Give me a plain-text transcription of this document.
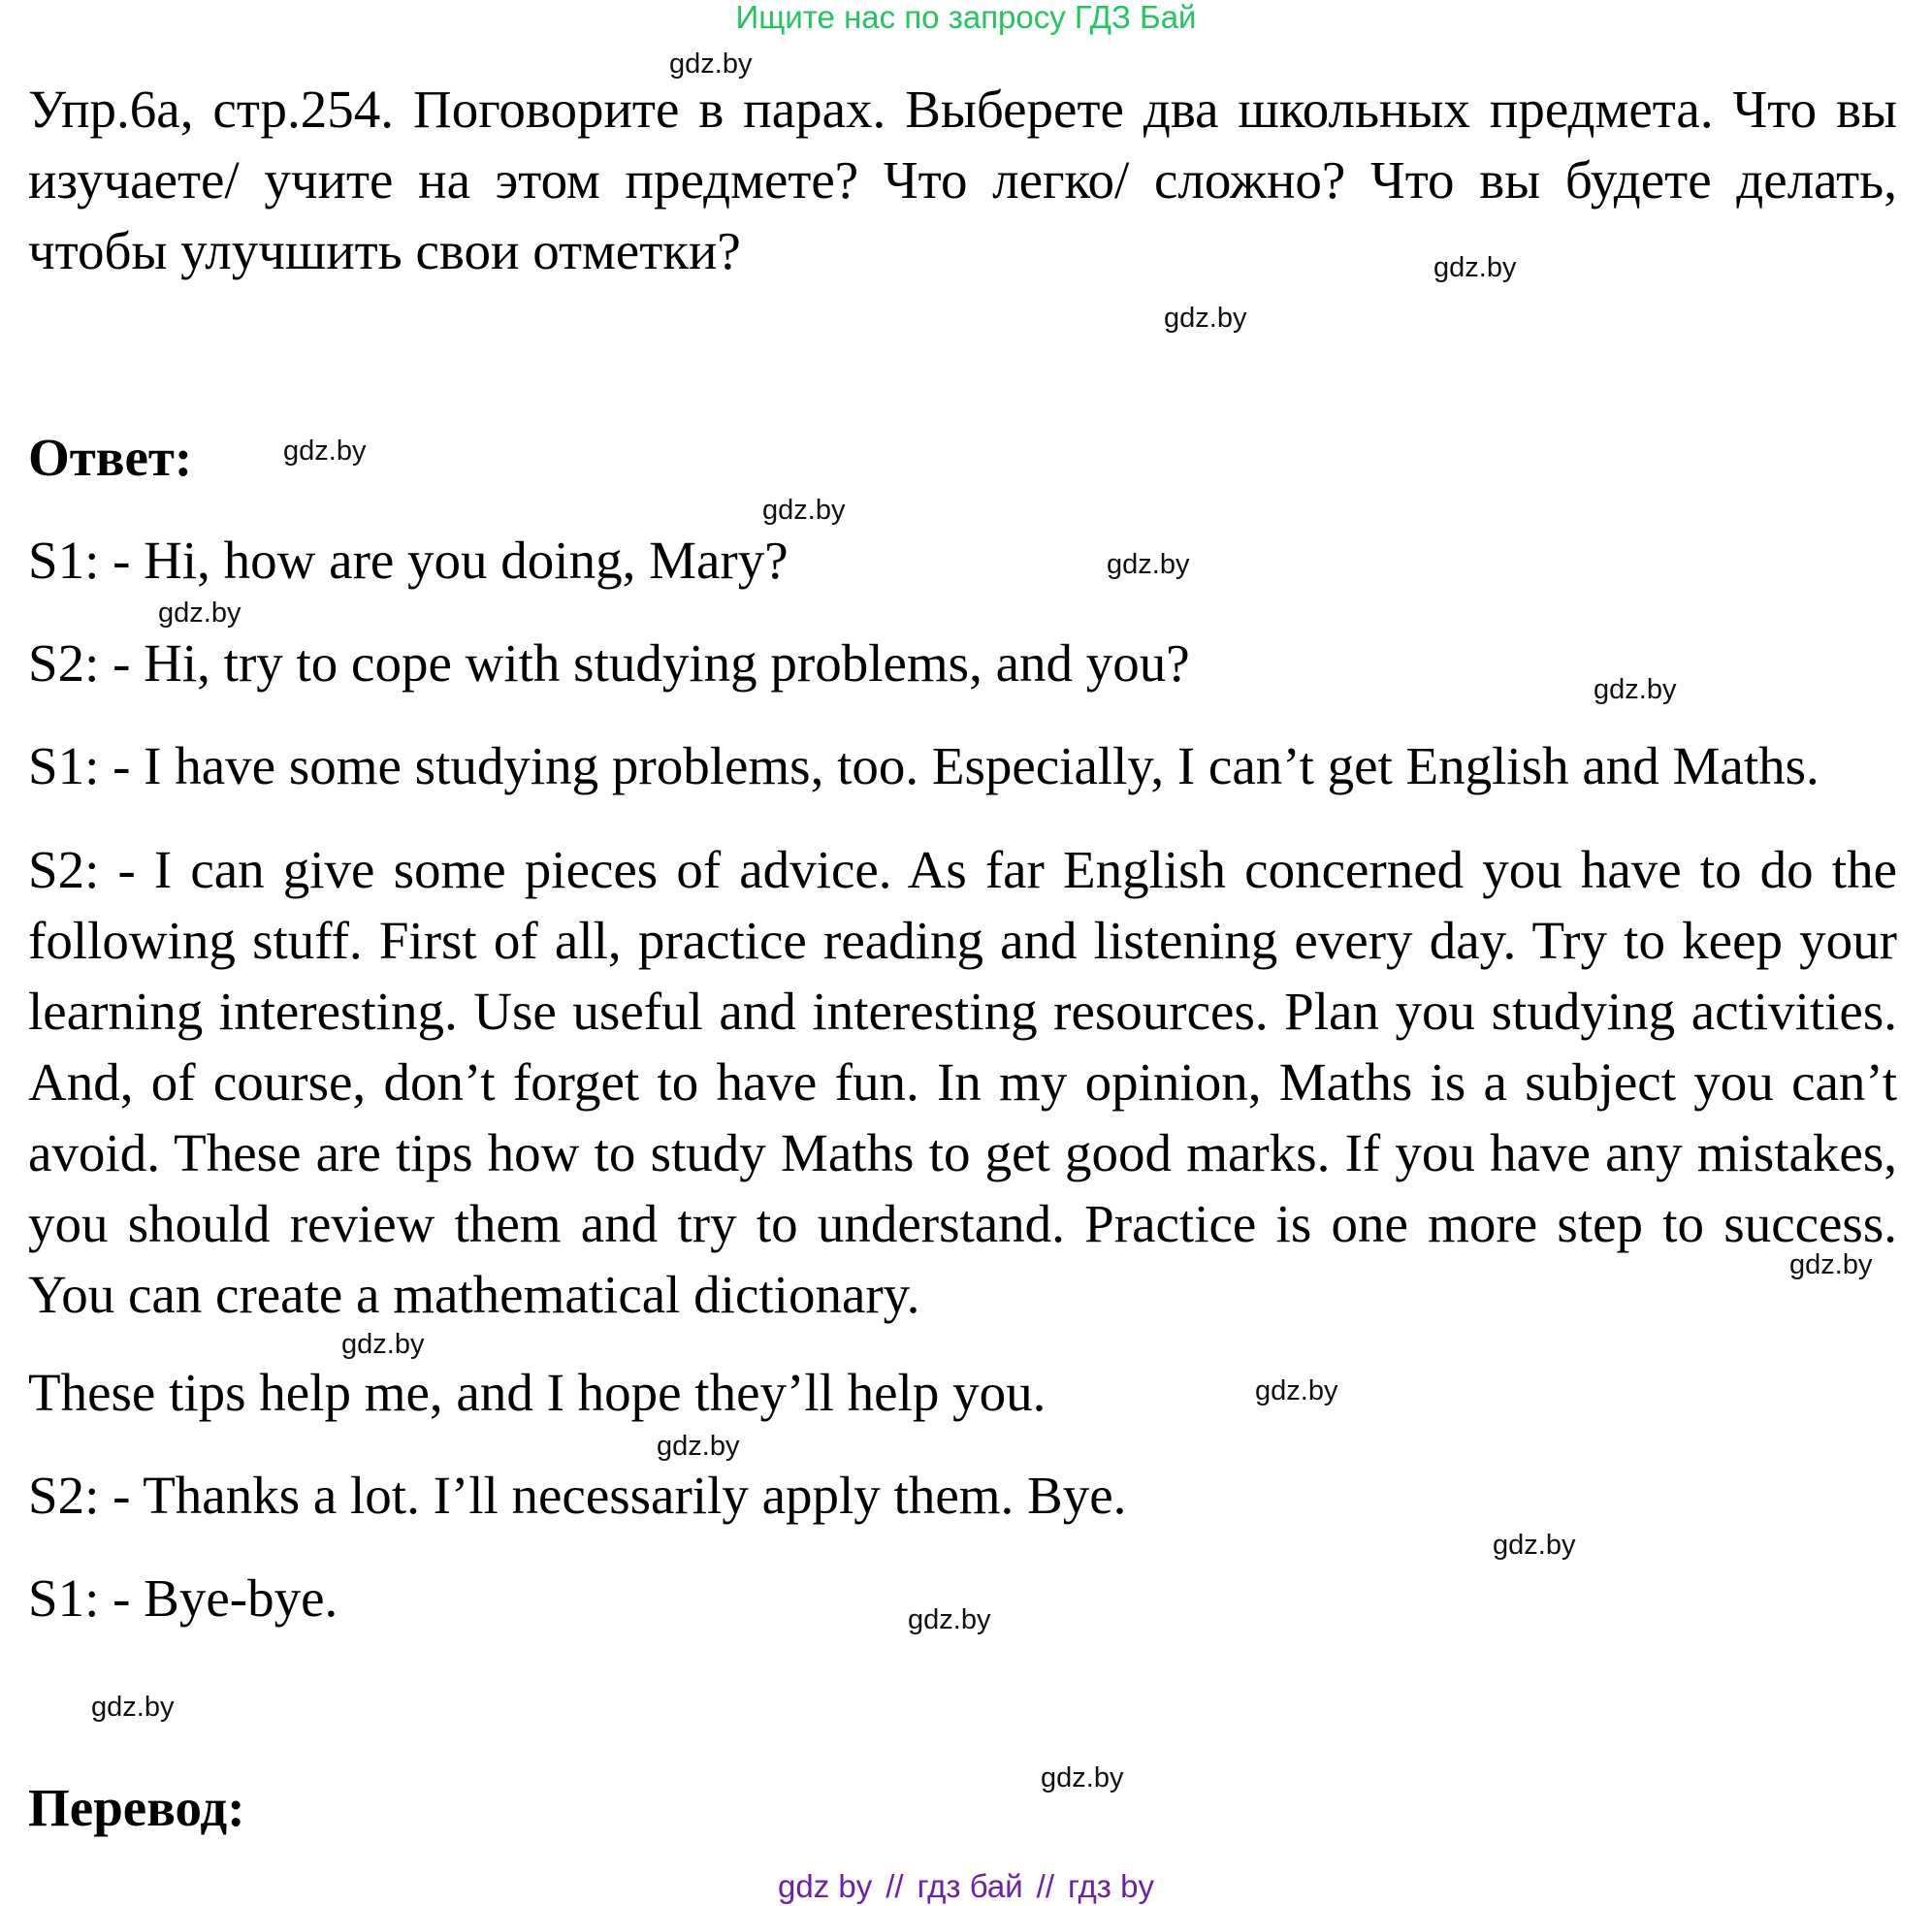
Ищите нас по запросу ГДЗ Бай

Упр.6а, стр.254. Поговорите в парах. Выберете два школьных предмета. Что вы изучаете/ учите на этом предмете? Что легко/ сложно? Что вы будете делать, чтобы улучшить свои отметки?

Ответ:

S1: - Hi, how are you doing, Mary?

S2: - Hi, try to cope with studying problems, and you?

S1: - I have some studying problems, too. Especially, I can’t get English and Maths.

S2: - I can give some pieces of advice. As far English concerned you have to do the following stuff. First of all, practice reading and listening every day. Try to keep your learning interesting. Use useful and interesting resources. Plan you studying activities. And, of course, don’t forget to have fun. In my opinion, Maths is a subject you can’t avoid. These are tips how to study Maths to get good marks. If you have any mistakes, you should review them and try to understand. Practice is one more step to success. You can create a mathematical dictionary.

These tips help me, and I hope they’ll help you.

S2: - Thanks a lot. I’ll necessarily apply them. Bye.

S1: - Bye-bye.

Перевод:

gdz.by
gdz.by
gdz.by
gdz.by
gdz.by
gdz.by
gdz.by
gdz.by
gdz.by
gdz.by
gdz.by
gdz.by
gdz.by
gdz.by
gdz.by
gdz.by
gdz by // гдз бай // гдз by
